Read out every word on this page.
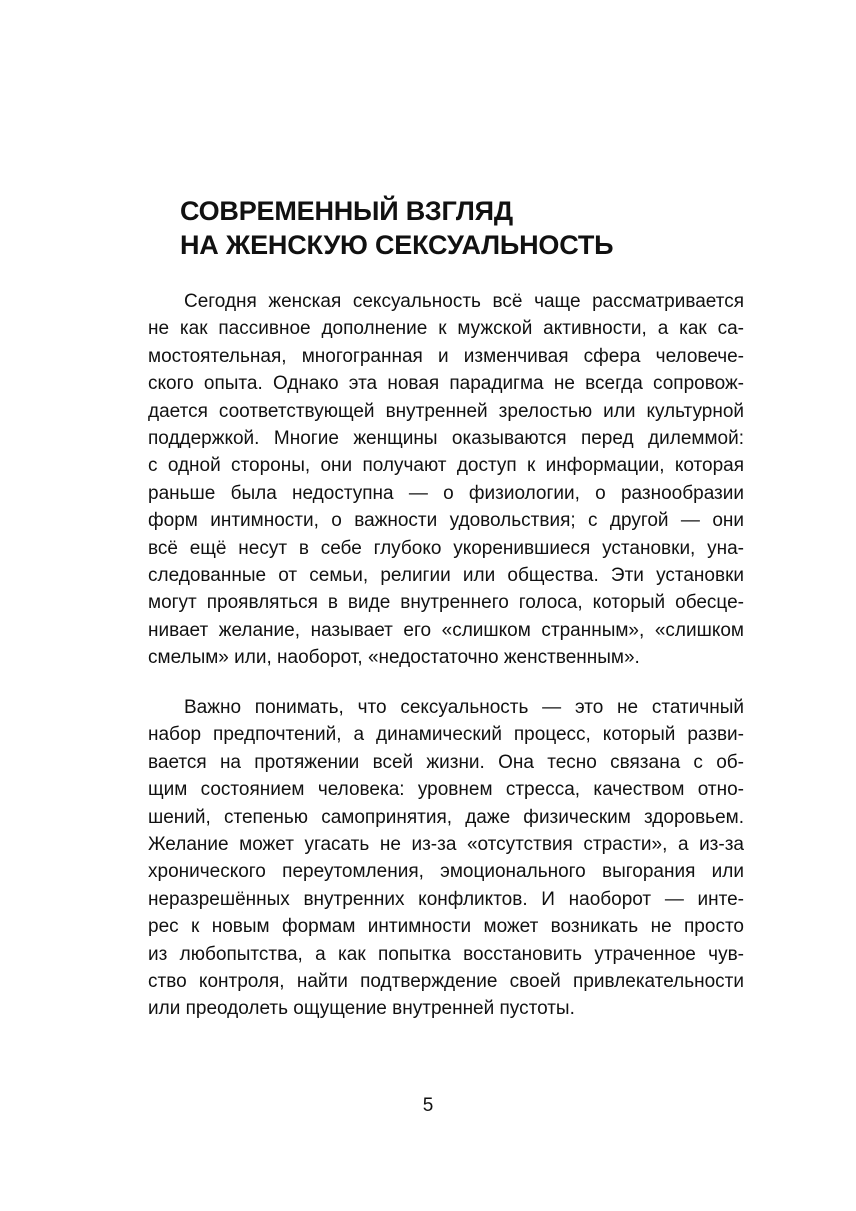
СОВРЕМЕННЫЙ ВЗГЛЯД
НА ЖЕНСКУЮ СЕКСУАЛЬНОСТЬ

Сегодня женская сексуальность всё чаще рассматривается
не как пассивное дополнение к мужской активности, а как са-
мостоятельная, многогранная и изменчивая сфера человече-
ского опыта. Однако эта новая парадигма не всегда сопровож-
дается соответствующей внутренней зрелостью или культурной
поддержкой. Многие женщины оказываются перед дилеммой:
с одной стороны, они получают доступ к информации, которая
раньше была недоступна — о физиологии, о разнообразии
форм интимности, о важности удовольствия; с другой — они
всё ещё несут в себе глубоко укоренившиеся установки, уна-
следованные от семьи, религии или общества. Эти установки
могут проявляться в виде внутреннего голоса, который обесце-
нивает желание, называет его «слишком странным», «слишком
смелым» или, наоборот, «недостаточно женственным».

Важно понимать, что сексуальность — это не статичный
набор предпочтений, а динамический процесс, который разви-
вается на протяжении всей жизни. Она тесно связана с об-
щим состоянием человека: уровнем стресса, качеством отно-
шений, степенью самопринятия, даже физическим здоровьем.
Желание может угасать не из-за «отсутствия страсти», а из-за
хронического переутомления, эмоционального выгорания или
неразрешённых внутренних конфликтов. И наоборот — инте-
рес к новым формам интимности может возникать не просто
из любопытства, а как попытка восстановить утраченное чув-
ство контроля, найти подтверждение своей привлекательности
или преодолеть ощущение внутренней пустоты.

5
